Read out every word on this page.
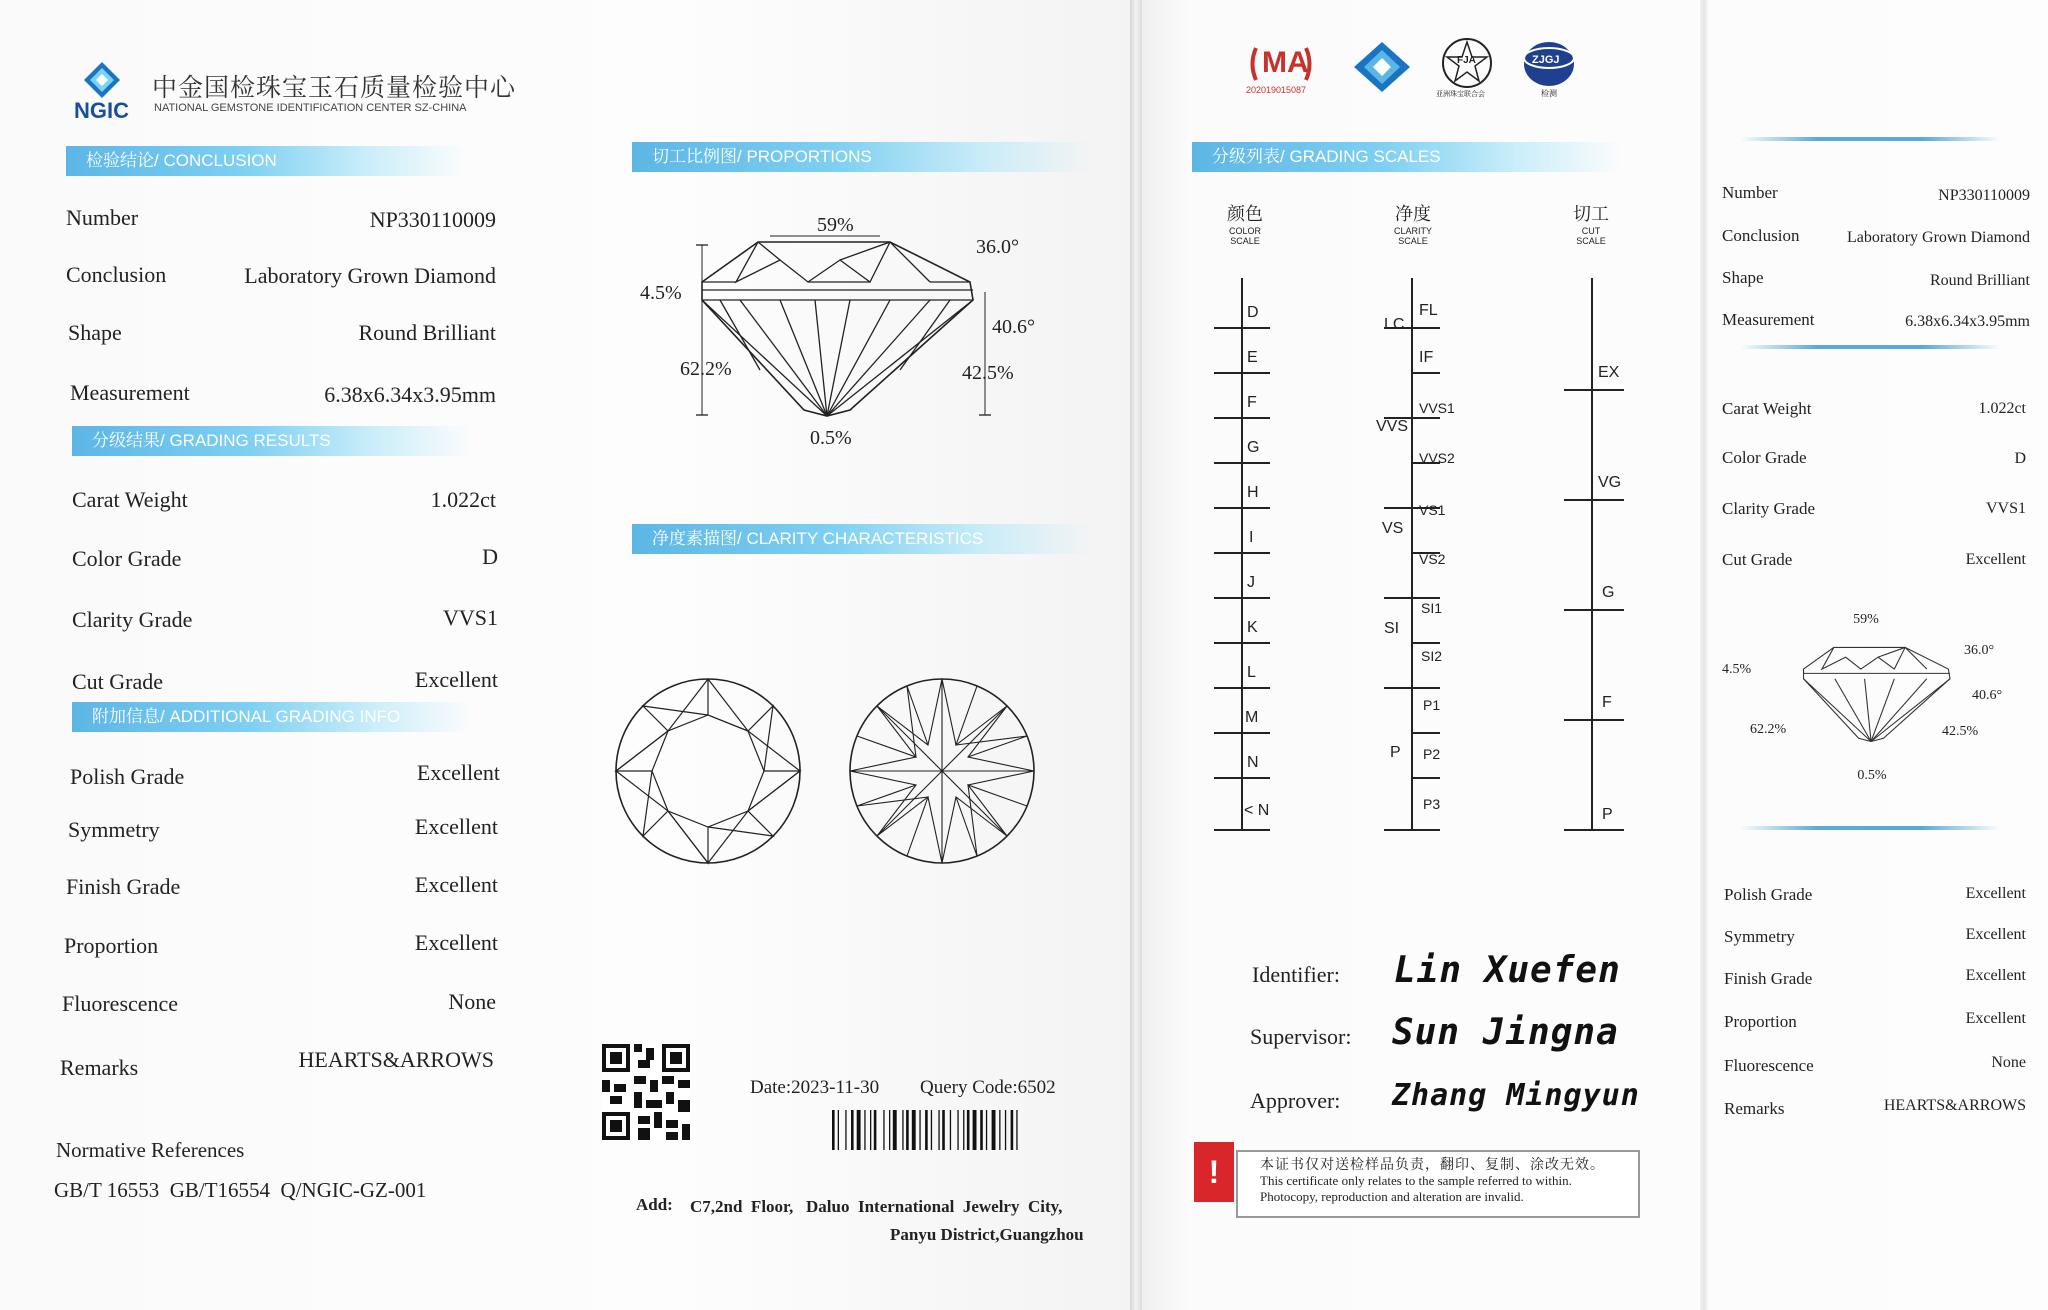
NGIC
中金国检珠宝玉石质量检验中心
NATIONAL GEMSTONE IDENTIFICATION CENTER SZ-CHINA
检验结论/ CONCLUSION
Number	NP330110009
Conclusion	Laboratory Grown Diamond
Shape	Round Brilliant
Measurement	6.38x6.34x3.95mm
分级结果/ GRADING RESULTS
Carat Weight	1.022ct
Color Grade	D
Clarity Grade	VVS1
Cut Grade	Excellent
附加信息/ ADDITIONAL GRADING INFO
Polish Grade	Excellent
Symmetry	Excellent
Finish Grade	Excellent
Proportion	Excellent
Fluorescence	None
Remarks	HEARTS&ARROWS
Normative References
GB/T 16553  GB/T16554  Q/NGIC-GZ-001
切工比例图/ PROPORTIONS
59%
36.0°
4.5%
40.6°
62.2%	42.5%
0.5%
净度素描图/ CLARITY CHARACTERISTICS
Date:2023-11-30 Query Code:6502
Add: C7,2nd  Floor,   Daluo  International  Jewelry  City,
Panyu District,Guangzhou
MA
202019015087
FJA
亚洲珠宝联合会
ZJGJ
检测
分级列表/ GRADING SCALES
颜色
COLOR
SCALE
净度
CLARITY
SCALE
切工
CUT
SCALE
D
E
F
G
H
I
J
K
L
M
N
< N
LC
VVS
VS
SI
P
FL
IF
VVS1
VVS2
VS1
VS2
SI1
SI2
P1
P2
P3
EX
VG
G
F
P
Identifier: Lin Xuefen
Supervisor: Sun Jingna
Approver: Zhang Mingyun
!	本证书仅对送检样品负责，翻印、复制、涂改无效。
This certificate only relates to the sample referred to within.
Photocopy, reproduction and alteration are invalid.
Number	NP330110009
Conclusion	Laboratory Grown Diamond
Shape	Round Brilliant
Measurement	6.38x6.34x3.95mm
Carat Weight	1.022ct
Color Grade	D
Clarity Grade	VVS1
Cut Grade	Excellent
59%
36.0°
4.5%
40.6°
62.2%	42.5%
0.5%
Polish Grade	Excellent
Symmetry	Excellent
Finish Grade	Excellent
Proportion	Excellent
Fluorescence	None
Remarks	HEARTS&ARROWS
